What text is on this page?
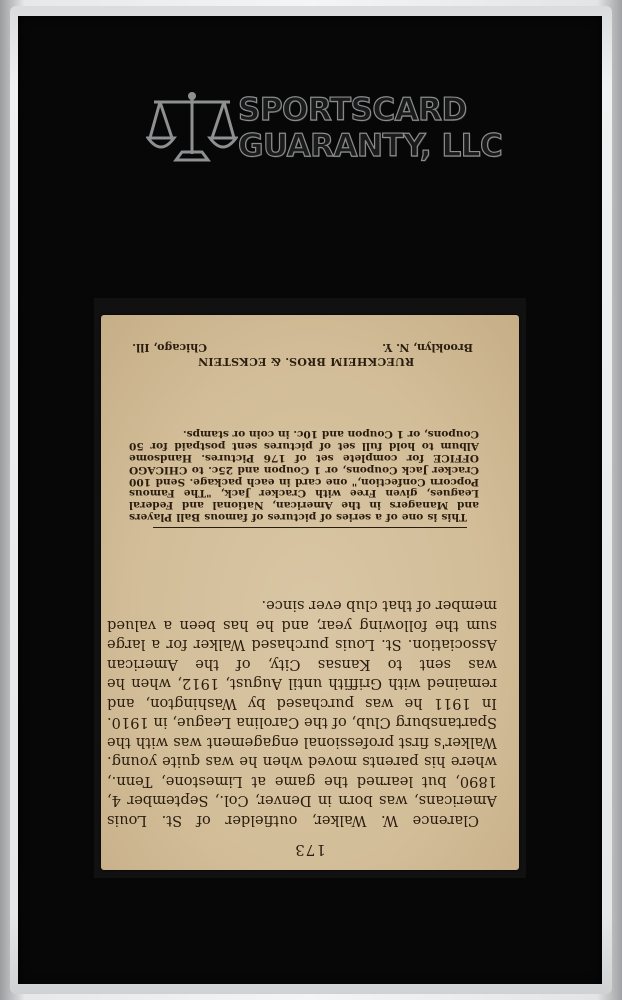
SPORTSCARD
GUARANTY, LLC
173
Clarence W. Walker, outfielder of St. Louis Americans, was born in Denver, Col., September 4, 1890, but learned the game at Limestone, Tenn., where his parents moved when he was quite young. Walker's first professional engagement was with the Spartansburg Club, of the Carolina League, in 1910. In 1911 he was purchased by Washington, and remained with Griffith until August, 1912, when he was sent to Kansas City, of the American Association. St. Louis purchased Walker for a large sum the following year, and he has been a valued member of that club ever since.
This is one of a series of pictures of famous Ball Players and Managers in the American, National and Federal Leagues, given Free with Cracker Jack, "The Famous Popcorn Confection," one card in each package. Send 100 Cracker Jack Coupons, or 1 Coupon and 25c. to CHICAGO OFFICE for complete set of 176 Pictures. Handsome Album to hold full set of pictures sent postpaid for 50 Coupons, or 1 Coupon and 10c. in coin or stamps.
RUECKHEIM BROS. & ECKSTEIN
Brooklyn, N. Y.
Chicago, Ill.
